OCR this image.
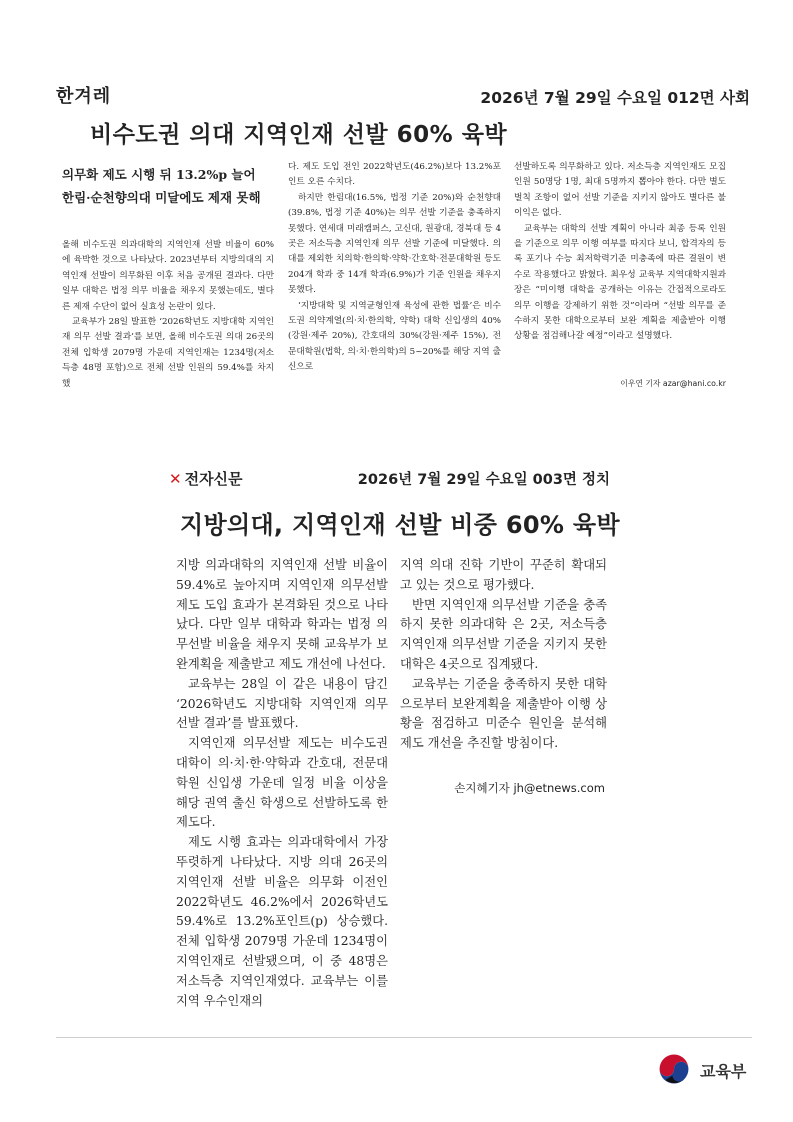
한겨레	2026년 7월 29일 수요일 012면 사회
비수도권 의대 지역인재 선발 60% 육박
의무화 제도 시행 뒤 13.2%p 늘어
한림·순천향의대 미달에도 제재 못해

올해 비수도권 의과대학의 지역인재 선발 비율이 60%에 육박한 것으로 나타났다. 2023년부터 지방의대의 지역인재 선발이 의무화된 이후 처음 공개된 결과다. 다만 일부 대학은 법정 의무 비율을 채우지 못했는데도, 별다른 제재 수단이 없어 실효성 논란이 있다.

교육부가 28일 발표한 ‘2026학년도 지방대학 지역인재 의무 선발 결과’를 보면, 올해 비수도권 의대 26곳의 전체 입학생 2079명 가운데 지역인재는 1234명(저소득층 48명 포함)으로 전체 선발 인원의 59.4%를 차지했

다. 제도 도입 전인 2022학년도(46.2%)보다 13.2%포인트 오른 수치다.

하지만 한림대(16.5%, 법정 기준 20%)와 순천향대(39.8%, 법정 기준 40%)는 의무 선발 기준을 충족하지 못했다. 연세대 미래캠퍼스, 고신대, 원광대, 경북대 등 4곳은 저소득층 지역인재 의무 선발 기준에 미달했다. 의대를 제외한 치의학·한의학·약학·간호학·전문대학원 등도 204개 학과 중 14개 학과(6.9%)가 기준 인원을 채우지 못했다.

‘지방대학 및 지역균형인재 육성에 관한 법률’은 비수도권 의약계열(의·치·한의학, 약학) 대학 신입생의 40%(강원·제주 20%), 간호대의 30%(강원·제주 15%), 전문대학원(법학, 의·치·한의학)의 5~20%를 해당 지역 출신으로

선발하도록 의무화하고 있다. 저소득층 지역인재도 모집인원 50명당 1명, 최대 5명까지 뽑아야 한다. 다만 별도 벌칙 조항이 없어 선발 기준을 지키지 않아도 별다른 불이익은 없다.

교육부는 대학의 선발 계획이 아니라 최종 등록 인원을 기준으로 의무 이행 여부를 따지다 보니, 합격자의 등록 포기나 수능 최저학력기준 미충족에 따른 결원이 변수로 작용했다고 밝혔다. 최우성 교육부 지역대학지원과장은 “미이행 대학을 공개하는 이유는 간접적으로라도 의무 이행을 강제하기 위한 것”이라며 “선발 의무를 준수하지 못한 대학으로부터 보완 계획을 제출받아 이행 상황을 점검해나갈 예정”이라고 설명했다.

이우연 기자 azar@hani.co.kr
✕ 전자신문	2026년 7월 29일 수요일 003면 정치
지방의대, 지역인재 선발 비중 60% 육박

지방 의과대학의 지역인재 선발 비율이 59.4%로 높아지며 지역인재 의무선발 제도 도입 효과가 본격화된 것으로 나타났다. 다만 일부 대학과 학과는 법정 의무선발 비율을 채우지 못해 교육부가 보완계획을 제출받고 제도 개선에 나선다.

교육부는 28일 이 같은 내용이 담긴 ‘2026학년도 지방대학 지역인재 의무선발 결과’를 발표했다.

지역인재 의무선발 제도는 비수도권 대학이 의·치·한·약학과 간호대, 전문대학원 신입생 가운데 일정 비율 이상을 해당 권역 출신 학생으로 선발하도록 한 제도다.

제도 시행 효과는 의과대학에서 가장 뚜렷하게 나타났다. 지방 의대 26곳의 지역인재 선발 비율은 의무화 이전인 2022학년도 46.2%에서 2026학년도 59.4%로 13.2%포인트(p) 상승했다. 전체 입학생 2079명 가운데 1234명이 지역인재로 선발됐으며, 이 중 48명은 저소득층 지역인재였다. 교육부는 이를 지역 우수인재의

지역 의대 진학 기반이 꾸준히 확대되고 있는 것으로 평가했다.

반면 지역인재 의무선발 기준을 충족하지 못한 의과대학 은 2곳, 저소득층 지역인재 의무선발 기준을 지키지 못한 대학은 4곳으로 집계됐다.

교육부는 기준을 충족하지 못한 대학으로부터 보완계획을 제출받아 이행 상황을 점검하고 미준수 원인을 분석해 제도 개선을 추진할 방침이다.

손지혜기자 jh@etnews.com
교육부
